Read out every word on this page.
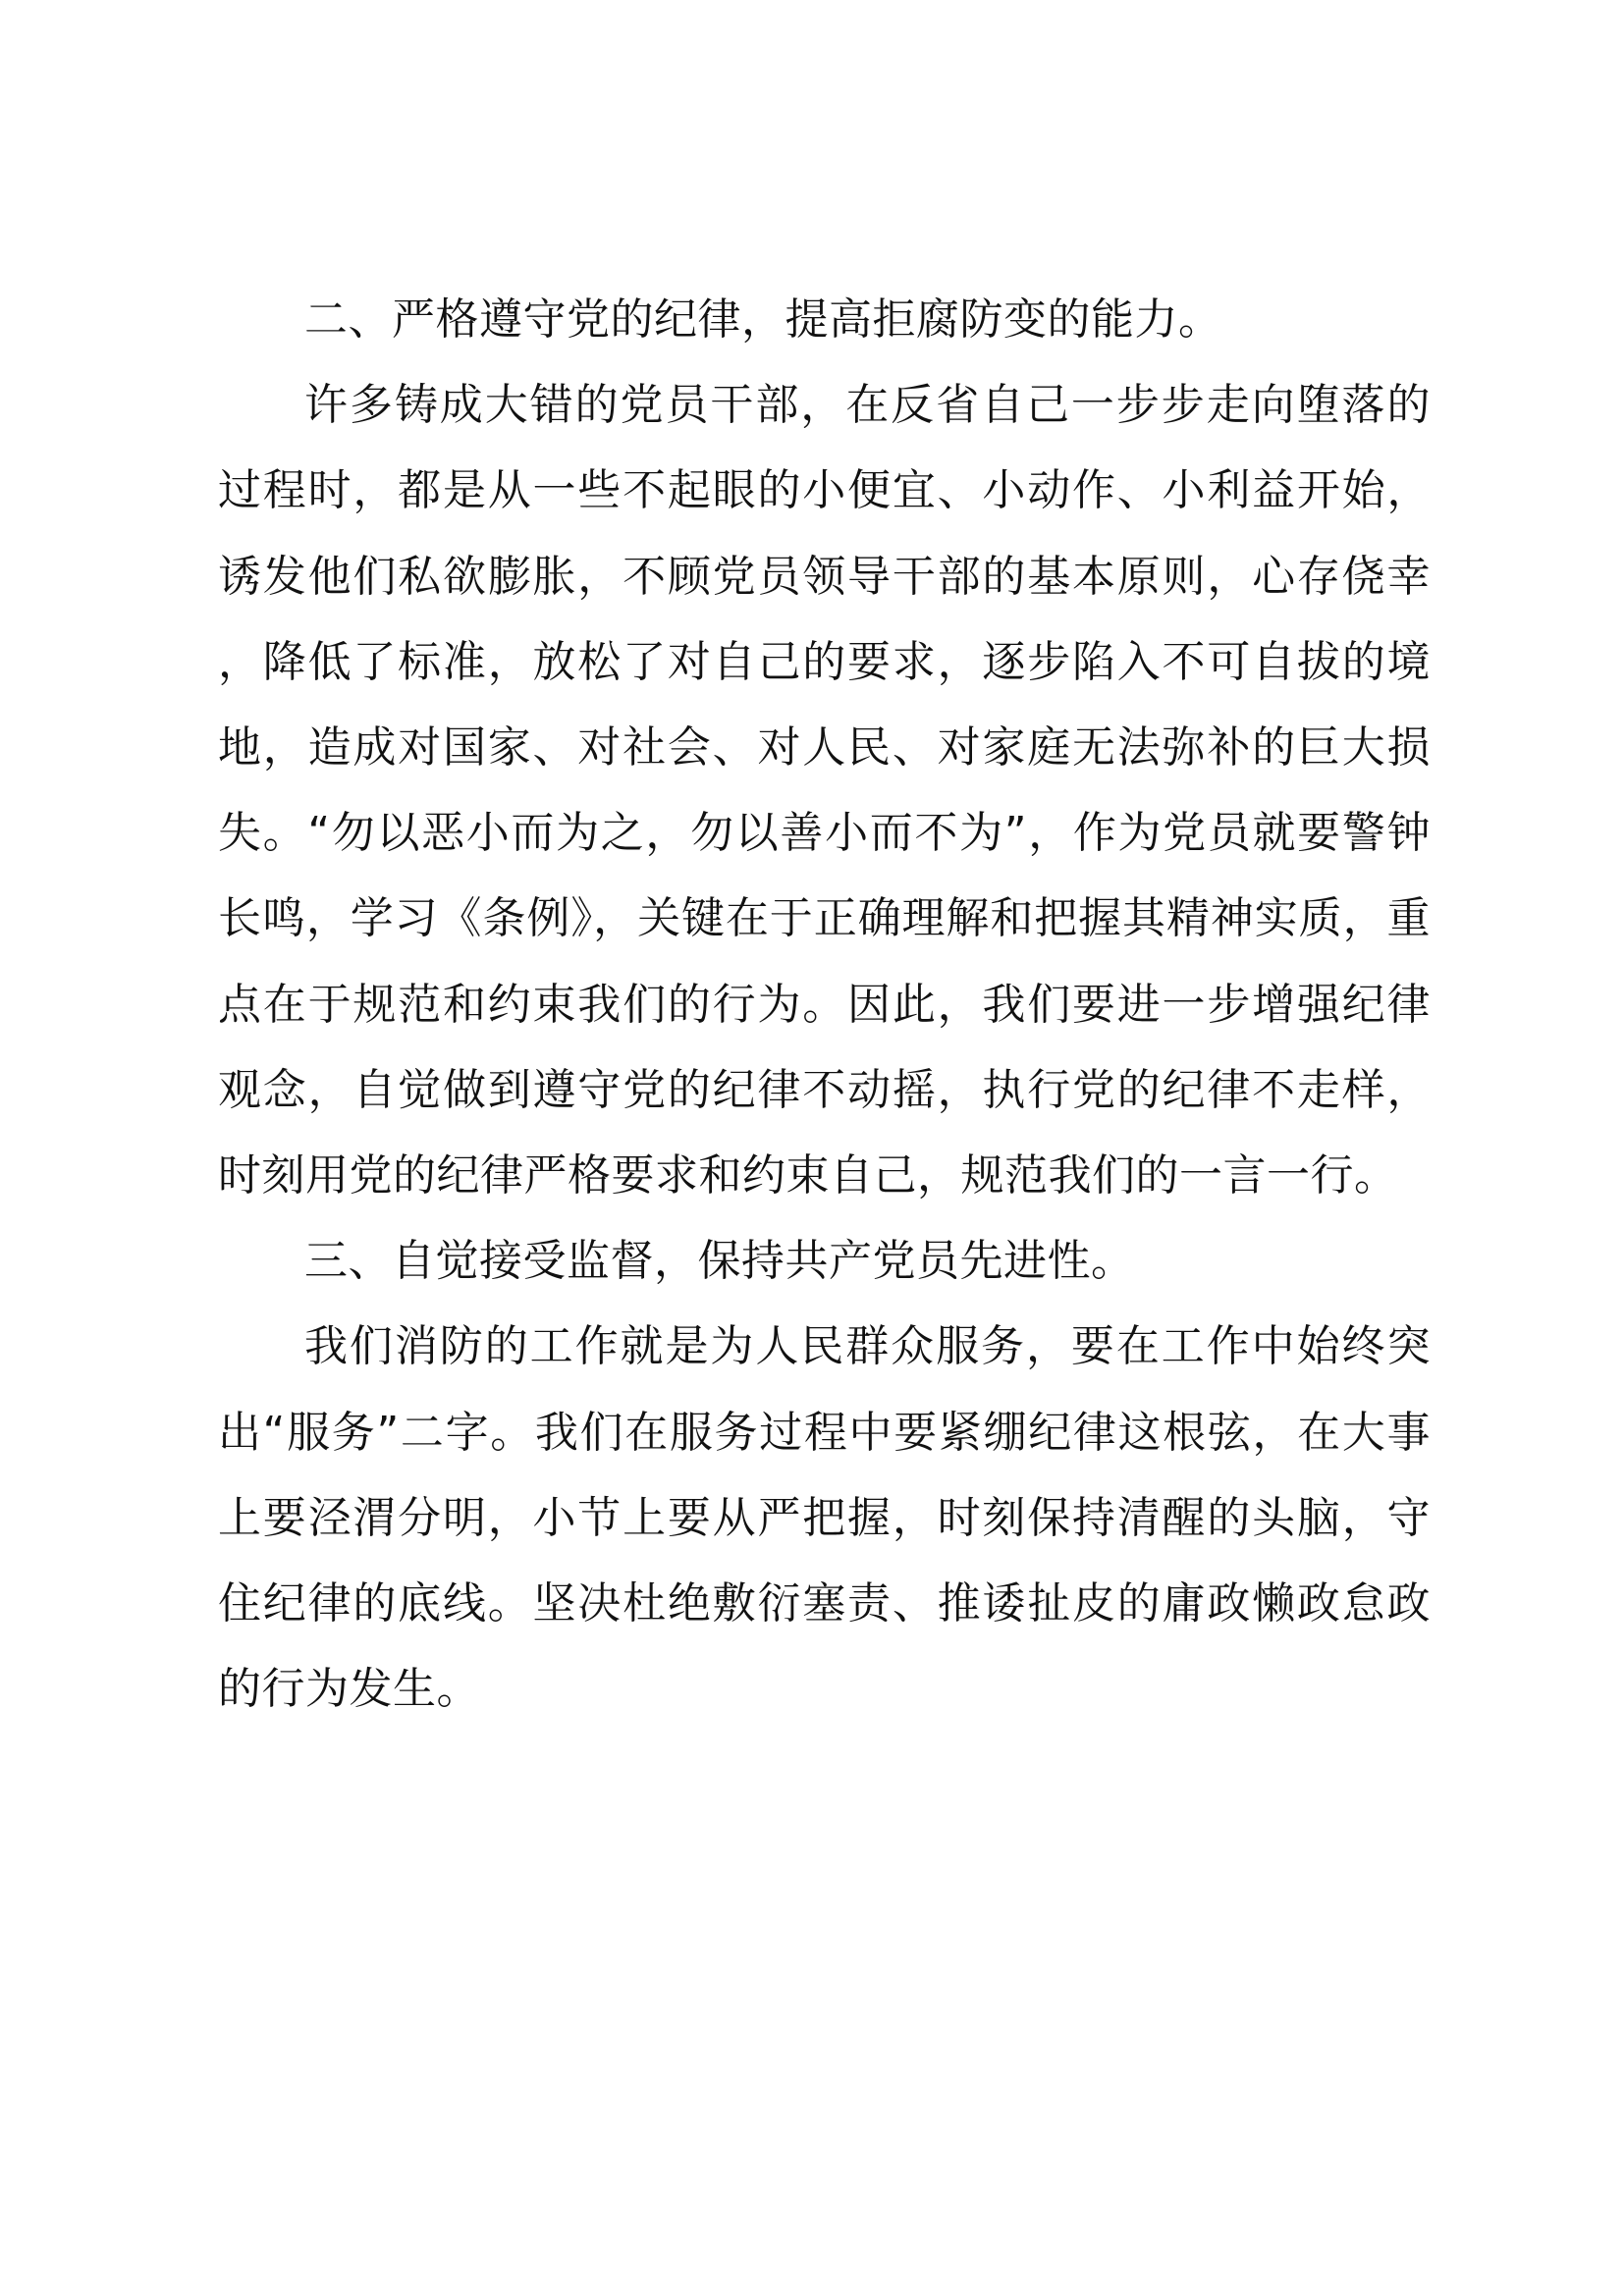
二、严格遵守党的纪律，提高拒腐防变的能力。

许多铸成大错的党员干部，在反省自己一步步走向堕落的过程时，都是从一些不起眼的小便宜、小动作、小利益开始，诱发他们私欲膨胀，不顾党员领导干部的基本原则，心存侥幸，降低了标准，放松了对自己的要求，逐步陷入不可自拔的境地，造成对国家、对社会、对人民、对家庭无法弥补的巨大损失。“勿以恶小而为之，勿以善小而不为”，作为党员就要警钟长鸣，学习《条例》，关键在于正确理解和把握其精神实质，重点在于规范和约束我们的行为。因此，我们要进一步增强纪律观念，自觉做到遵守党的纪律不动摇，执行党的纪律不走样，时刻用党的纪律严格要求和约束自己，规范我们的一言一行。

三、自觉接受监督，保持共产党员先进性。

我们消防的工作就是为人民群众服务，要在工作中始终突出“服务”二字。我们在服务过程中要紧绷纪律这根弦，在大事上要泾渭分明，小节上要从严把握，时刻保持清醒的头脑，守住纪律的底线。坚决杜绝敷衍塞责、推诿扯皮的庸政懒政怠政的行为发生。
